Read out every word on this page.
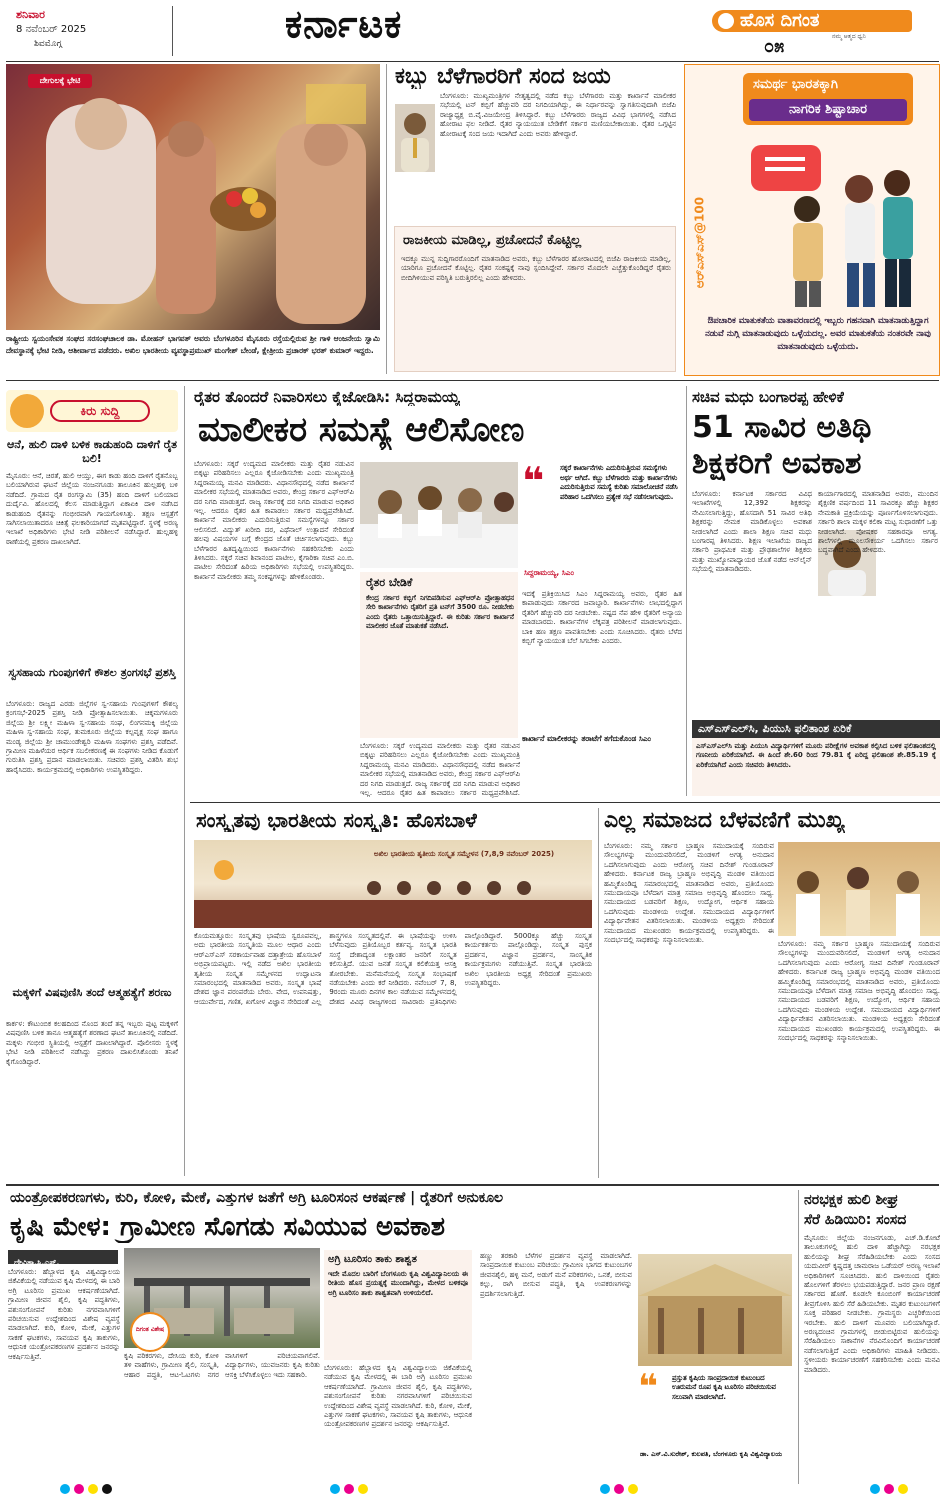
ಶನಿವಾರ
8 ನವೆಂಬರ್ 2025
ಶಿವಮೊಗ್ಗ	ಕರ್ನಾಟಕ	ಹೊಸ ದಿಗಂತ
ನಮ್ಮ ಆತ್ಮದ ಧ್ವನಿ
೦೫
ದೇಗುಲಕ್ಕೆ ಭೇಟಿ
ರಾಷ್ಟ್ರೀಯ ಸ್ವಯಂಸೇವಕ ಸಂಘದ ಸರಸಂಘಚಾಲಕ ಡಾ. ಮೋಹನ್ ಭಾಗವತ್ ಅವರು ಬೆಂಗಳೂರಿನ ಮೈಸೂರು ರಸ್ತೆಯಲ್ಲಿರುವ ಶ್ರೀ ಗಾಳಿ ಆಂಜನೇಯ ಸ್ವಾಮಿ ದೇವಸ್ಥಾನಕ್ಕೆ ಭೇಟಿ ನೀಡಿ, ಆಶೀರ್ವಾದ ಪಡೆದರು. ಅಖಿಲ ಭಾರತೀಯ ವ್ಯವಸ್ಥಾಪ್ರಮುಖ್ ಮಂಗೇಶ್ ಬೇಂಡೆ, ಕ್ಷೇತ್ರೀಯ ಪ್ರಚಾರಕ್ ಭರತ್ ಕುಮಾರ್ ಇದ್ದರು.
ಕಬ್ಬು ಬೆಳೆಗಾರರಿಗೆ ಸಂದ ಜಯ
ಬೆಂಗಳೂರು: ಮುಖ್ಯಮಂತ್ರಿಗಳ ನೇತೃತ್ವದಲ್ಲಿ ನಡೆದ ಕಬ್ಬು ಬೆಳೆಗಾರರು ಮತ್ತು ಕಾರ್ಖಾನೆ ಮಾಲೀಕರ ಸಭೆಯಲ್ಲಿ ಟನ್‌ ಕಬ್ಬಿಗೆ ಹೆಚ್ಚುವರಿ ದರ ನಿಗದಿಯಾಗಿದ್ದು, ಈ ನಿರ್ಧಾರವನ್ನು ಸ್ವಾಗತಿಸುವುದಾಗಿ ಬಿಜೆಪಿ ರಾಜ್ಯಾಧ್ಯಕ್ಷ ಬಿ.ವೈ.ವಿಜಯೇಂದ್ರ ತಿಳಿಸಿದ್ದಾರೆ. ಕಬ್ಬು ಬೆಳೆಗಾರರು ರಾಜ್ಯದ ವಿವಿಧ ಭಾಗಗಳಲ್ಲಿ ನಡೆಸಿದ ಹೋರಾಟ ಫಲ ನೀಡಿದೆ. ರೈತರ ನ್ಯಾಯಯುತ ಬೇಡಿಕೆಗೆ ಸರ್ಕಾರ ಮಣಿಯಬೇಕಾಯಿತು. ರೈತರ ಒಗ್ಗಟ್ಟಿನ ಹೋರಾಟಕ್ಕೆ ಸಂದ ಜಯ ಇದಾಗಿದೆ ಎಂದು ಅವರು ಹೇಳಿದ್ದಾರೆ.
ರಾಜಕೀಯ ಮಾಡಿಲ್ಲ, ಪ್ರಚೋದನೆ ಕೊಟ್ಟಿಲ್ಲ
ಇದಕ್ಕೂ ಮುನ್ನ ಸುದ್ದಿಗಾರರೊಂದಿಗೆ ಮಾತನಾಡಿದ ಅವರು, ಕಬ್ಬು ಬೆಳೆಗಾರರ ಹೋರಾಟದಲ್ಲಿ ಬಿಜೆಪಿ ರಾಜಕೀಯ ಮಾಡಿಲ್ಲ, ಯಾರಿಗೂ ಪ್ರಚೋದನೆ ಕೊಟ್ಟಿಲ್ಲ. ರೈತರ ಸಂಕಷ್ಟಕ್ಕೆ ನಾವು ಸ್ಪಂದಿಸಿದ್ದೇವೆ. ಸರ್ಕಾರ ಮೊದಲೇ ಎಚ್ಚೆತ್ತುಕೊಂಡಿದ್ದರೆ ರೈತರು ಬೀದಿಗಿಳಿಯುವ ಪರಿಸ್ಥಿತಿ ಬರುತ್ತಿರಲಿಲ್ಲ ಎಂದು ಹೇಳಿದರು.
ಸಮರ್ಥ ಭಾರತಕ್ಕಾಗಿ
ನಾಗರಿಕ ಶಿಷ್ಟಾಚಾರ
ಆರ್‌ಎಸ್‌ಎಸ್@100
ಔಪಚಾರಿಕ ಮಾತುಕತೆಯ ವಾತಾವರಣದಲ್ಲಿ ಇಬ್ಬರು ಗಹನವಾಗಿ ಮಾತನಾಡುತ್ತಿದ್ದಾಗ ನಡುವೆ ನುಗ್ಗಿ ಮಾತನಾಡುವುದು ಒಳ್ಳೆಯದಲ್ಲ. ಅವರ ಮಾತುಕತೆಯ ನಂತರವೇ ನಾವು ಮಾತನಾಡುವುದು ಒಳ್ಳೆಯದು.
ಕಿರು ಸುದ್ದಿ
ಆನೆ, ಹುಲಿ ದಾಳಿ ಬಳಿಕ ಕಾಡುಹಂದಿ ದಾಳಿಗೆ ರೈತ ಬಲಿ!
ಮೈಸೂರು: ಆನೆ, ಚಿರತೆ, ಹುಲಿ ಆಯ್ತು, ಈಗ ಕಾಡು ಹಂದಿ ದಾಳಿಗೆ ರೈತನೊಬ್ಬ ಬಲಿಯಾಗಿರುವ ಘಟನೆ ಜಿಲ್ಲೆಯ ನಂಜನಗೂಡು ತಾಲೂಕಿನ ಹುಲ್ಲಹಳ್ಳಿ ಬಳಿ ನಡೆದಿದೆ. ಗ್ರಾಮದ ರೈತ ರಂಗಸ್ವಾಮಿ (35) ಹಂದಿ ದಾಳಿಗೆ ಬಲಿಯಾದ ದುರ್ದೈವಿ. ಹೊಲದಲ್ಲಿ ಕೆಲಸ ಮಾಡುತ್ತಿದ್ದಾಗ ಏಕಾಏಕಿ ದಾಳಿ ನಡೆಸಿದ ಕಾಡುಹಂದಿ ರೈತನನ್ನು ಗಂಭೀರವಾಗಿ ಗಾಯಗೊಳಿಸಿತ್ತು. ತಕ್ಷಣ ಆಸ್ಪತ್ರೆಗೆ ಸಾಗಿಸಲಾಯಿತಾದರೂ ಚಿಕಿತ್ಸೆ ಫಲಕಾರಿಯಾಗದೆ ಮೃತಪಟ್ಟಿದ್ದಾರೆ. ಸ್ಥಳಕ್ಕೆ ಅರಣ್ಯ ಇಲಾಖೆ ಅಧಿಕಾರಿಗಳು ಭೇಟಿ ನೀಡಿ ಪರಿಶೀಲನೆ ನಡೆಸಿದ್ದಾರೆ. ಹುಲ್ಲಹಳ್ಳಿ ಠಾಣೆಯಲ್ಲಿ ಪ್ರಕರಣ ದಾಖಲಾಗಿದೆ.
ಸ್ವಸಹಾಯ ಗುಂಪುಗಳಿಗೆ ಕೌಶಲ ತ್ರಂಗಸಭೆ ಪ್ರಶಸ್ತಿ
ಬೆಂಗಳೂರು: ರಾಜ್ಯದ ಎರಡು ಜಿಲ್ಲೆಗಳ ಸ್ವ-ಸಹಾಯ ಗುಂಪುಗಳಿಗೆ ಕೌಶಲ್ಯ ಕ್ರಂಗಸಭೆ-2025 ಪ್ರಶಸ್ತಿ ನೀಡಿ ಪ್ರೋತ್ಸಾಹಿಸಲಾಯಿತು. ಚಿಕ್ಕಮಗಳೂರು ಜಿಲ್ಲೆಯ ಶ್ರೀ ಲಕ್ಷ್ಮೀ ಮಹಿಳಾ ಸ್ವ-ಸಹಾಯ ಸಂಘ, ಲಿಂಗನಮಕ್ಕಿ ಜಿಲ್ಲೆಯ ಮಹಿಳಾ ಸ್ವ-ಸಹಾಯ ಸಂಘ, ತುಮಕೂರು ಜಿಲ್ಲೆಯ ಕಲ್ಪವೃಕ್ಷ ಸಂಘ ಹಾಗೂ ಮಂಡ್ಯ ಜಿಲ್ಲೆಯ ಶ್ರೀ ಚಾಮುಂಡೇಶ್ವರಿ ಮಹಿಳಾ ಸಂಘಗಳು ಪ್ರಶಸ್ತಿ ಪಡೆದಿವೆ. ಗ್ರಾಮೀಣ ಮಹಿಳೆಯರ ಆರ್ಥಿಕ ಸಬಲೀಕರಣಕ್ಕೆ ಈ ಸಂಘಗಳು ನೀಡಿದ ಕೊಡುಗೆ ಗುರುತಿಸಿ ಪ್ರಶಸ್ತಿ ಪ್ರದಾನ ಮಾಡಲಾಯಿತು. ಸಚಿವರು ಪ್ರಶಸ್ತಿ ವಿತರಿಸಿ ಶುಭ ಹಾರೈಸಿದರು. ಕಾರ್ಯಕ್ರಮದಲ್ಲಿ ಅಧಿಕಾರಿಗಳು ಉಪಸ್ಥಿತರಿದ್ದರು.
ಮಕ್ಕಳಿಗೆ ವಿಷವುಣಿಸಿ ತಂದೆ ಆತ್ಮಹತ್ಯೆಗೆ ಶರಣು
ಕಾರ್ಕಳ: ಕೌಟುಂಬಿಕ ಕಲಹದಿಂದ ನೊಂದ ತಂದೆ ತನ್ನ ಇಬ್ಬರು ಪುಟ್ಟ ಮಕ್ಕಳಿಗೆ ವಿಷವುಣಿಸಿ ಬಳಿಕ ತಾನೂ ಆತ್ಮಹತ್ಯೆಗೆ ಶರಣಾದ ಘಟನೆ ತಾಲೂಕಿನಲ್ಲಿ ನಡೆದಿದೆ. ಮಕ್ಕಳು ಗಂಭೀರ ಸ್ಥಿತಿಯಲ್ಲಿ ಆಸ್ಪತ್ರೆಗೆ ದಾಖಲಾಗಿದ್ದಾರೆ. ಪೊಲೀಸರು ಸ್ಥಳಕ್ಕೆ ಭೇಟಿ ನೀಡಿ ಪರಿಶೀಲನೆ ನಡೆಸಿದ್ದು ಪ್ರಕರಣ ದಾಖಲಿಸಿಕೊಂಡು ತನಿಖೆ ಕೈಗೊಂಡಿದ್ದಾರೆ.
ರೈತರ ತೊಂದರೆ ನಿವಾರಿಸಲು ಕೈಜೋಡಿಸಿ: ಸಿದ್ದರಾಮಯ್ಯ
ಮಾಲೀಕರ ಸಮಸ್ಯೆ ಆಲಿಸೋಣ
ಬೆಂಗಳೂರು: ಸಕ್ಕರೆ ಉದ್ಯಮದ ಮಾಲೀಕರು ಮತ್ತು ರೈತರ ನಡುವಿನ ಬಿಕ್ಕಟ್ಟು ಪರಿಹರಿಸಲು ಎಲ್ಲರೂ ಕೈಜೋಡಿಸಬೇಕು ಎಂದು ಮುಖ್ಯಮಂತ್ರಿ ಸಿದ್ದರಾಮಯ್ಯ ಮನವಿ ಮಾಡಿದರು. ವಿಧಾನಸೌಧದಲ್ಲಿ ನಡೆದ ಕಾರ್ಖಾನೆ ಮಾಲೀಕರ ಸಭೆಯಲ್ಲಿ ಮಾತನಾಡಿದ ಅವರು, ಕೇಂದ್ರ ಸರ್ಕಾರ ಎಫ್‌ಆರ್‌ಪಿ ದರ ನಿಗದಿ ಮಾಡುತ್ತದೆ. ರಾಜ್ಯ ಸರ್ಕಾರಕ್ಕೆ ದರ ನಿಗದಿ ಮಾಡುವ ಅಧಿಕಾರ ಇಲ್ಲ. ಆದರೂ ರೈತರ ಹಿತ ಕಾಪಾಡಲು ಸರ್ಕಾರ ಮಧ್ಯಪ್ರವೇಶಿಸಿದೆ. ಕಾರ್ಖಾನೆ ಮಾಲೀಕರು ಎದುರಿಸುತ್ತಿರುವ ಸಮಸ್ಯೆಗಳನ್ನೂ ಸರ್ಕಾರ ಆಲಿಸಲಿದೆ. ವಿದ್ಯುತ್ ಖರೀದಿ ದರ, ಎಥೆನಾಲ್ ಉತ್ಪಾದನೆ ಸೇರಿದಂತೆ ಹಲವು ವಿಷಯಗಳ ಬಗ್ಗೆ ಕೇಂದ್ರದ ಜೊತೆ ಚರ್ಚಿಸಲಾಗುವುದು. ಕಬ್ಬು ಬೆಳೆಗಾರರ ಹಿತದೃಷ್ಟಿಯಿಂದ ಕಾರ್ಖಾನೆಗಳು ಸಹಕರಿಸಬೇಕು ಎಂದು ತಿಳಿಸಿದರು. ಸಕ್ಕರೆ ಸಚಿವ ಶಿವಾನಂದ ಪಾಟೀಲ, ಕೈಗಾರಿಕಾ ಸಚಿವ ಎಂ.ಬಿ. ಪಾಟೀಲ ಸೇರಿದಂತೆ ಹಿರಿಯ ಅಧಿಕಾರಿಗಳು ಸಭೆಯಲ್ಲಿ ಉಪಸ್ಥಿತರಿದ್ದರು. ಕಾರ್ಖಾನೆ ಮಾಲೀಕರು ತಮ್ಮ ಸಂಕಷ್ಟಗಳನ್ನು ಹೇಳಿಕೊಂಡರು.	ರೈತರ ಬೇಡಿಕೆ
ಕೇಂದ್ರ ಸರ್ಕಾರ ಕಬ್ಬಿಗೆ ನಿಗದಿಪಡಿಸುವ ಎಫ್‌ಆರ್‌ಪಿ ಪ್ರೋತ್ಸಾಹಧನ ಸೇರಿ ಕಾರ್ಖಾನೆಗಳು ರೈತರಿಗೆ ಪ್ರತಿ ಟನ್‌ಗೆ 3500 ರೂ. ನೀಡಬೇಕು ಎಂದು ರೈತರು ಒತ್ತಾಯಿಸುತ್ತಿದ್ದಾರೆ. ಈ ಕುರಿತು ಸರ್ಕಾರ ಕಾರ್ಖಾನೆ ಮಾಲೀಕರ ಜೊತೆ ಮಾತುಕತೆ ನಡೆಸಿದೆ.
❝ ಸಕ್ಕರೆ ಕಾರ್ಖಾನೆಗಳು ಎದುರಿಸುತ್ತಿರುವ ಸಮಸ್ಯೆಗಳು ಅರ್ಥ ಆಗಿದೆ. ಕಬ್ಬು ಬೆಳೆಗಾರರು ಮತ್ತು ಕಾರ್ಖಾನೆಗಳು ಎದುರಿಸುತ್ತಿರುವ ಸಮಸ್ಯೆ ಕುರಿತು ಸಮಾಲೋಚನೆ ನಡೆಸಿ ಪರಿಹಾರ ಒದಗಿಸಲು ಪ್ರತ್ಯೇಕ ಸಭೆ ನಡೆಸಲಾಗುವುದು.
ಸಿದ್ದರಾಮಯ್ಯ, ಸಿಎಂ
ಇದಕ್ಕೆ ಪ್ರತಿಕ್ರಿಯಿಸಿದ ಸಿಎಂ ಸಿದ್ದರಾಮಯ್ಯ ಅವರು, ರೈತರ ಹಿತ ಕಾಪಾಡುವುದು ಸರ್ಕಾರದ ಜವಾಬ್ದಾರಿ. ಕಾರ್ಖಾನೆಗಳು ಲಾಭದಲ್ಲಿದ್ದಾಗ ರೈತರಿಗೆ ಹೆಚ್ಚುವರಿ ದರ ನೀಡಬೇಕು. ನಷ್ಟದ ನೆಪ ಹೇಳಿ ರೈತರಿಗೆ ಅನ್ಯಾಯ ಮಾಡಬಾರದು. ಕಾರ್ಖಾನೆಗಳ ಲೆಕ್ಕಪತ್ರ ಪರಿಶೀಲನೆ ಮಾಡಲಾಗುವುದು. ಬಾಕಿ ಹಣ ತಕ್ಷಣ ಪಾವತಿಸಬೇಕು ಎಂದು ಸೂಚಿಸಿದರು. ರೈತರು ಬೆಳೆದ ಕಬ್ಬಿಗೆ ನ್ಯಾಯಯುತ ಬೆಲೆ ಸಿಗಬೇಕು ಎಂದರು.
ಕಾರ್ಖಾನೆ ಮಾಲೀಕರನ್ನು ತರಾಟೆಗೆ ತಗೆದುಕೊಂಡ ಸಿಎಂ
ಬೆಂಗಳೂರು: ಸಕ್ಕರೆ ಉದ್ಯಮದ ಮಾಲೀಕರು ಮತ್ತು ರೈತರ ನಡುವಿನ ಬಿಕ್ಕಟ್ಟು ಪರಿಹರಿಸಲು ಎಲ್ಲರೂ ಕೈಜೋಡಿಸಬೇಕು ಎಂದು ಮುಖ್ಯಮಂತ್ರಿ ಸಿದ್ದರಾಮಯ್ಯ ಮನವಿ ಮಾಡಿದರು. ವಿಧಾನಸೌಧದಲ್ಲಿ ನಡೆದ ಕಾರ್ಖಾನೆ ಮಾಲೀಕರ ಸಭೆಯಲ್ಲಿ ಮಾತನಾಡಿದ ಅವರು, ಕೇಂದ್ರ ಸರ್ಕಾರ ಎಫ್‌ಆರ್‌ಪಿ ದರ ನಿಗದಿ ಮಾಡುತ್ತದೆ. ರಾಜ್ಯ ಸರ್ಕಾರಕ್ಕೆ ದರ ನಿಗದಿ ಮಾಡುವ ಅಧಿಕಾರ ಇಲ್ಲ. ಆದರೂ ರೈತರ ಹಿತ ಕಾಪಾಡಲು ಸರ್ಕಾರ ಮಧ್ಯಪ್ರವೇಶಿಸಿದೆ.
ಸಚಿವ ಮಧು ಬಂಗಾರಪ್ಪ ಹೇಳಿಕೆ
51 ಸಾವಿರ ಅತಿಥಿ
ಶಿಕ್ಷಕರಿಗೆ ಅವಕಾಶ
ಬೆಂಗಳೂರು: ಕರ್ನಾಟಕ ಸರ್ಕಾರದ ವಿವಿಧ ಇಲಾಖೆಗಳಲ್ಲಿ 12,392 ಶಿಕ್ಷಕರನ್ನು ನೇಮಿಸಲಾಗುತ್ತಿದ್ದು, ಹೊಸದಾಗಿ 51 ಸಾವಿರ ಅತಿಥಿ ಶಿಕ್ಷಕರನ್ನು ನೇಮಕ ಮಾಡಿಕೊಳ್ಳಲು ಅವಕಾಶ ನೀಡಲಾಗಿದೆ ಎಂದು ಶಾಲಾ ಶಿಕ್ಷಣ ಸಚಿವ ಮಧು ಬಂಗಾರಪ್ಪ ತಿಳಿಸಿದರು. ಶಿಕ್ಷಣ ಇಲಾಖೆಯ ರಾಜ್ಯದ ಸರ್ಕಾರಿ ಪ್ರಾಥಮಿಕ ಮತ್ತು ಪ್ರೌಢಶಾಲೆಗಳ ಶಿಕ್ಷಕರು ಮತ್ತು ಮುಖ್ಯೋಪಾಧ್ಯಾಯರ ಜೊತೆ ನಡೆದ ಆನ್‌ಲೈನ್ ಸಭೆಯಲ್ಲಿ ಮಾತನಾಡಿದರು.
ಕಾರ್ಯಾಗಾರದಲ್ಲಿ ಮಾತನಾಡಿದ ಅವರು, ಮುಂದಿನ ಶೈಕ್ಷಣಿಕ ವರ್ಷದಿಂದ 11 ಸಾವಿರಕ್ಕೂ ಹೆಚ್ಚು ಶಿಕ್ಷಕರ ನೇಮಕಾತಿ ಪ್ರಕ್ರಿಯೆಯನ್ನು ಪೂರ್ಣಗೊಳಿಸಲಾಗುವುದು. ಸರ್ಕಾರಿ ಶಾಲಾ ಮಕ್ಕಳ ಕಲಿಕಾ ಮಟ್ಟ ಸುಧಾರಣೆಗೆ ಒತ್ತು ನೀಡಲಾಗಿದೆ. ಪೋಷಕರ ಸಹಕಾರವೂ ಅಗತ್ಯ. ಶಾಲೆಗಳಲ್ಲಿ ಮೂಲಸೌಕರ್ಯ ಒದಗಿಸಲು ಸರ್ಕಾರ ಬದ್ಧವಾಗಿದೆ ಎಂದು ಹೇಳಿದರು.
ಎಸ್‌ಎಸ್‌ಎಲ್‌ಸಿ, ಪಿಯುಸಿ ಫಲಿತಾಂಶ ಏರಿಕೆ
ಎಸ್‌ಎಸ್‌ಎಲ್‌ಸಿ ಮತ್ತು ಪಿಯುಸಿ ವಿದ್ಯಾರ್ಥಿಗಳಿಗೆ ಮೂರು ಪರೀಕ್ಷೆಗಳ ಅವಕಾಶ ಕಲ್ಪಿಸಿದ ಬಳಿಕ ಫಲಿತಾಂಶದಲ್ಲಿ ಗಣನೀಯ ಏರಿಕೆಯಾಗಿದೆ. ಈ ಹಿಂದೆ ಶೇ.60 ರಿಂದ 79.81 ಕ್ಕೆ ಏರಿದ್ದ ಫಲಿತಾಂಶ ಶೇ.85.19 ಕ್ಕೆ ಏರಿಕೆಯಾಗಿದೆ ಎಂದು ಸಚಿವರು ತಿಳಿಸಿದರು.
ಸಂಸ್ಕೃತವು ಭಾರತೀಯ ಸಂಸ್ಕೃತಿ: ಹೊಸಬಾಳೆ
ಅಖಿಲ ಭಾರತೀಯ ತೃತೀಯ ಸಂಸ್ಕೃತ ಸಮ್ಮೇಳನ (7,8,9 ನವೆಂಬರ್ 2025)
ಕೊಯಮತ್ತೂರು: ಸಂಸ್ಕೃತವು ಭಾಷೆಯ ಸ್ವರೂಪವಲ್ಲ, ಅದು ಭಾರತೀಯ ಸಂಸ್ಕೃತಿಯ ಮೂಲ ಆಧಾರ ಎಂದು ಆರ್‌ಎಸ್‌ಎಸ್ ಸರಕಾರ್ಯವಾಹ ದತ್ತಾತ್ರೇಯ ಹೊಸಬಾಳೆ ಅಭಿಪ್ರಾಯಪಟ್ಟರು. ಇಲ್ಲಿ ನಡೆದ ಅಖಿಲ ಭಾರತೀಯ ತೃತೀಯ ಸಂಸ್ಕೃತ ಸಮ್ಮೇಳನದ ಉದ್ಘಾಟನಾ ಸಮಾರಂಭದಲ್ಲಿ ಮಾತನಾಡಿದ ಅವರು, ಸಂಸ್ಕೃತ ಭಾಷೆ ದೇಶದ ಜ್ಞಾನ ಪರಂಪರೆಯ ಬೇರು. ವೇದ, ಉಪನಿಷತ್ತು, ಆಯುರ್ವೇದ, ಗಣಿತ, ಖಗೋಳ ವಿಜ್ಞಾನ ಸೇರಿದಂತೆ ಎಲ್ಲ ಶಾಸ್ತ್ರಗಳೂ ಸಂಸ್ಕೃತದಲ್ಲಿವೆ. ಈ ಭಾಷೆಯನ್ನು ಉಳಿಸಿ ಬೆಳೆಸುವುದು ಪ್ರತಿಯೊಬ್ಬರ ಕರ್ತವ್ಯ. ಸಂಸ್ಕೃತ ಭಾರತಿ ಸಂಸ್ಥೆ ದೇಶಾದ್ಯಂತ ಲಕ್ಷಾಂತರ ಜನರಿಗೆ ಸಂಸ್ಕೃತ ಕಲಿಸುತ್ತಿದೆ. ಯುವ ಜನತೆ ಸಂಸ್ಕೃತ ಕಲಿಕೆಯತ್ತ ಆಸಕ್ತಿ ತೋರಬೇಕು. ಮನೆಮನೆಯಲ್ಲಿ ಸಂಸ್ಕೃತ ಸಂಭಾಷಣೆ ನಡೆಯಬೇಕು ಎಂದು ಕರೆ ನೀಡಿದರು. ನವೆಂಬರ್ 7, 8, 9ರಂದು ಮೂರು ದಿನಗಳ ಕಾಲ ನಡೆಯುವ ಸಮ್ಮೇಳನದಲ್ಲಿ ದೇಶದ ವಿವಿಧ ರಾಜ್ಯಗಳಿಂದ ಸಾವಿರಾರು ಪ್ರತಿನಿಧಿಗಳು ಪಾಲ್ಗೊಂಡಿದ್ದಾರೆ. 5000ಕ್ಕೂ ಹೆಚ್ಚು ಸಂಸ್ಕೃತ ಕಾರ್ಯಕರ್ತರು ಪಾಲ್ಗೊಂಡಿದ್ದು, ಸಂಸ್ಕೃತ ಪುಸ್ತಕ ಪ್ರದರ್ಶನ, ವಿಜ್ಞಾನ ಪ್ರದರ್ಶನ, ಸಾಂಸ್ಕೃತಿಕ ಕಾರ್ಯಕ್ರಮಗಳು ನಡೆಯುತ್ತಿವೆ. ಸಂಸ್ಕೃತ ಭಾರತಿಯ ಅಖಿಲ ಭಾರತೀಯ ಅಧ್ಯಕ್ಷ ಸೇರಿದಂತೆ ಪ್ರಮುಖರು ಉಪಸ್ಥಿತರಿದ್ದರು.
ಎಲ್ಲ ಸಮಾಜದ ಬೆಳವಣಿಗೆ ಮುಖ್ಯ
ಬೆಂಗಳೂರು: ನಮ್ಮ ಸರ್ಕಾರ ಬ್ರಾಹ್ಮಣ ಸಮುದಾಯಕ್ಕೆ ಸಂದಿರುವ ಸೌಲಭ್ಯಗಳನ್ನು ಮುಂದುವರಿಸಲಿದೆ, ಮಂಡಳಿಗೆ ಅಗತ್ಯ ಅನುದಾನ ಒದಗಿಸಲಾಗುವುದು ಎಂದು ಆರೋಗ್ಯ ಸಚಿವ ದಿನೇಶ್ ಗುಂಡೂರಾವ್ ಹೇಳಿದರು. ಕರ್ನಾಟಕ ರಾಜ್ಯ ಬ್ರಾಹ್ಮಣ ಅಭಿವೃದ್ಧಿ ಮಂಡಳಿ ವತಿಯಿಂದ ಹಮ್ಮಿಕೊಂಡಿದ್ದ ಸಮಾರಂಭದಲ್ಲಿ ಮಾತನಾಡಿದ ಅವರು, ಪ್ರತಿಯೊಂದು ಸಮುದಾಯವೂ ಬೆಳೆದಾಗ ಮಾತ್ರ ಸಮಾಜ ಅಭಿವೃದ್ಧಿ ಹೊಂದಲು ಸಾಧ್ಯ. ಸಮುದಾಯದ ಬಡವರಿಗೆ ಶಿಕ್ಷಣ, ಉದ್ಯೋಗ, ಆರ್ಥಿಕ ಸಹಾಯ ಒದಗಿಸುವುದು ಮಂಡಳಿಯ ಉದ್ದೇಶ. ಸಮುದಾಯದ ವಿದ್ಯಾರ್ಥಿಗಳಿಗೆ ವಿದ್ಯಾರ್ಥಿವೇತನ ವಿತರಿಸಲಾಯಿತು. ಮಂಡಳಿಯ ಅಧ್ಯಕ್ಷರು ಸೇರಿದಂತೆ ಸಮುದಾಯದ ಮುಖಂಡರು ಕಾರ್ಯಕ್ರಮದಲ್ಲಿ ಉಪಸ್ಥಿತರಿದ್ದರು. ಈ ಸಂದರ್ಭದಲ್ಲಿ ಸಾಧಕರನ್ನು ಸನ್ಮಾನಿಸಲಾಯಿತು.	ಬೆಂಗಳೂರು: ನಮ್ಮ ಸರ್ಕಾರ ಬ್ರಾಹ್ಮಣ ಸಮುದಾಯಕ್ಕೆ ಸಂದಿರುವ ಸೌಲಭ್ಯಗಳನ್ನು ಮುಂದುವರಿಸಲಿದೆ, ಮಂಡಳಿಗೆ ಅಗತ್ಯ ಅನುದಾನ ಒದಗಿಸಲಾಗುವುದು ಎಂದು ಆರೋಗ್ಯ ಸಚಿವ ದಿನೇಶ್ ಗುಂಡೂರಾವ್ ಹೇಳಿದರು. ಕರ್ನಾಟಕ ರಾಜ್ಯ ಬ್ರಾಹ್ಮಣ ಅಭಿವೃದ್ಧಿ ಮಂಡಳಿ ವತಿಯಿಂದ ಹಮ್ಮಿಕೊಂಡಿದ್ದ ಸಮಾರಂಭದಲ್ಲಿ ಮಾತನಾಡಿದ ಅವರು, ಪ್ರತಿಯೊಂದು ಸಮುದಾಯವೂ ಬೆಳೆದಾಗ ಮಾತ್ರ ಸಮಾಜ ಅಭಿವೃದ್ಧಿ ಹೊಂದಲು ಸಾಧ್ಯ. ಸಮುದಾಯದ ಬಡವರಿಗೆ ಶಿಕ್ಷಣ, ಉದ್ಯೋಗ, ಆರ್ಥಿಕ ಸಹಾಯ ಒದಗಿಸುವುದು ಮಂಡಳಿಯ ಉದ್ದೇಶ. ಸಮುದಾಯದ ವಿದ್ಯಾರ್ಥಿಗಳಿಗೆ ವಿದ್ಯಾರ್ಥಿವೇತನ ವಿತರಿಸಲಾಯಿತು. ಮಂಡಳಿಯ ಅಧ್ಯಕ್ಷರು ಸೇರಿದಂತೆ ಸಮುದಾಯದ ಮುಖಂಡರು ಕಾರ್ಯಕ್ರಮದಲ್ಲಿ ಉಪಸ್ಥಿತರಿದ್ದರು. ಈ ಸಂದರ್ಭದಲ್ಲಿ ಸಾಧಕರನ್ನು ಸನ್ಮಾನಿಸಲಾಯಿತು.
ಯಂತ್ರೋಪಕರಣಗಳು, ಕುರಿ, ಕೋಳಿ, ಮೇಕೆ, ಎತ್ತುಗಳ ಜತೆಗೆ ಅಗ್ರಿ ಟೂರಿಸಂನ ಆಕರ್ಷಣೆ | ರೈತರಿಗೆ ಅನುಕೂಲ
ಕೃಷಿ ಮೇಳ: ಗ್ರಾಮೀಣ ಸೊಗಡು ಸವಿಯುವ ಅವಕಾಶ
ದೇವಿತಾ.ಸಿ.ಎಸ್.
ಬೆಂಗಳೂರು: ಹೆಬ್ಬಾಳದ ಕೃಷಿ ವಿಶ್ವವಿದ್ಯಾಲಯ ಜಿಕೆವಿಕೆಯಲ್ಲಿ ನಡೆಯುವ ಕೃಷಿ ಮೇಳದಲ್ಲಿ ಈ ಬಾರಿ ಅಗ್ರಿ ಟೂರಿಸಂ ಪ್ರಮುಖ ಆಕರ್ಷಣೆಯಾಗಿದೆ. ಗ್ರಾಮೀಣ ಜೀವನ ಶೈಲಿ, ಕೃಷಿ ಪದ್ಧತಿಗಳು, ಪಶುಸಂಗೋಪನೆ ಕುರಿತು ನಗರವಾಸಿಗಳಿಗೆ ಪರಿಚಯಿಸುವ ಉದ್ದೇಶದಿಂದ ವಿಶೇಷ ವ್ಯವಸ್ಥೆ ಮಾಡಲಾಗಿದೆ. ಕುರಿ, ಕೋಳಿ, ಮೇಕೆ, ಎತ್ತುಗಳ ಸಾಕಣೆ ಘಟಕಗಳು, ಸಾವಯವ ಕೃಷಿ ತಾಕುಗಳು, ಆಧುನಿಕ ಯಂತ್ರೋಪಕರಣಗಳ ಪ್ರದರ್ಶನ ಜನರನ್ನು ಆಕರ್ಷಿಸುತ್ತಿವೆ.
ದಿಗಂತ ವಿಶೇಷ
ಅಗ್ರಿ ಟೂರಿಸಂ ತಾಕು ಶಾಶ್ವತ
ಇದೇ ಮೊದಲ ಬಾರಿಗೆ ಬೆಂಗಳೂರು ಕೃಷಿ ವಿಶ್ವವಿದ್ಯಾನಿಲಯ ಈ ರೀತಿಯ ಹೊಸ ಪ್ರಯತ್ನಕ್ಕೆ ಮುಂದಾಗಿದ್ದು, ಮೇಳದ ಬಳಿಕವೂ ಅಗ್ರಿ ಟೂರಿಸಂ ತಾಕು ಶಾಶ್ವತವಾಗಿ ಉಳಿಯಲಿದೆ.
ಕೃಷಿ ಪರಿಕರಗಳು, ದೇಸಿಯ ಕುರಿ, ಕೋಳಿ ತಳಿ ವಾಹೆಗಳು, ಗ್ರಾಮೀಣ ಶೈಲಿ, ಸಂಸ್ಕೃತಿ, ಆಹಾರ ಪದ್ಧತಿ, ಆಟ-ಓಟಗಳು ನಗರ ವಾಸಿಗಳಿಗೆ ಪರಿಚಯವಾಗಲಿವೆ. ವಿದ್ಯಾರ್ಥಿಗಳು, ಯುವಜನರು ಕೃಷಿ ಕುರಿತು ಆಸಕ್ತಿ ಬೆಳೆಸಿಕೊಳ್ಳಲು ಇದು ಸಹಕಾರಿ.
ಬೆಂಗಳೂರು: ಹೆಬ್ಬಾಳದ ಕೃಷಿ ವಿಶ್ವವಿದ್ಯಾಲಯ ಜಿಕೆವಿಕೆಯಲ್ಲಿ ನಡೆಯುವ ಕೃಷಿ ಮೇಳದಲ್ಲಿ ಈ ಬಾರಿ ಅಗ್ರಿ ಟೂರಿಸಂ ಪ್ರಮುಖ ಆಕರ್ಷಣೆಯಾಗಿದೆ. ಗ್ರಾಮೀಣ ಜೀವನ ಶೈಲಿ, ಕೃಷಿ ಪದ್ಧತಿಗಳು, ಪಶುಸಂಗೋಪನೆ ಕುರಿತು ನಗರವಾಸಿಗಳಿಗೆ ಪರಿಚಯಿಸುವ ಉದ್ದೇಶದಿಂದ ವಿಶೇಷ ವ್ಯವಸ್ಥೆ ಮಾಡಲಾಗಿದೆ. ಕುರಿ, ಕೋಳಿ, ಮೇಕೆ, ಎತ್ತುಗಳ ಸಾಕಣೆ ಘಟಕಗಳು, ಸಾವಯವ ಕೃಷಿ ತಾಕುಗಳು, ಆಧುನಿಕ ಯಂತ್ರೋಪಕರಣಗಳ ಪ್ರದರ್ಶನ ಜನರನ್ನು ಆಕರ್ಷಿಸುತ್ತಿವೆ.
ಹಣ್ಣು ತರಕಾರಿ ಬೆಳೆಗಳ ಪ್ರದರ್ಶನ ವ್ಯವಸ್ಥೆ ಮಾಡಲಾಗಿದೆ. ಸಾಂಪ್ರದಾಯಿಕ ಕುಟುಂಬ ಪರಿಚಯ: ಗ್ರಾಮೀಣ ಭಾಗದ ಕುಟುಂಬಗಳ ಜೀವನಶೈಲಿ, ಹಳ್ಳಿ ಮನೆ, ಅಡುಗೆ ಮನೆ ಪರಿಕರಗಳು, ಒನಕೆ, ಬೀಸುವ ಕಲ್ಲು, ರಾಗಿ ಬೀಸುವ ಪದ್ಧತಿ, ಕೃಷಿ ಉಪಕರಣಗಳನ್ನು ಪ್ರದರ್ಶಿಸಲಾಗುತ್ತಿದೆ.
❝ ಪ್ರಸ್ತುತ ಕೃಷಿಯ ಸಾಂಪ್ರದಾಯಿಕ ಕುಟುಂಬದ ಊರುಮನೆ ರೂಪ ಕೃಷಿ ಟೂರಿಸಂ ಪರಿಚಯಿಸುವ ಸಲುವಾಗಿ ಮಾಡಲಾಗಿದೆ.
ಡಾ. ಎಸ್.ವಿ.ಸುರೇಶ್, ಕುಲಪತಿ, ಬೆಂಗಳೂರು ಕೃಷಿ ವಿಶ್ವವಿದ್ಯಾಲಯ
ನರಭಕ್ಷಕ ಹುಲಿ ಶೀಘ್ರ
ಸೆರೆ ಹಿಡಿಯಿರಿ: ಸಂಸದ
ಮೈಸೂರು: ಜಿಲ್ಲೆಯ ನಂಜನಗೂಡು, ಎಚ್.ಡಿ.ಕೋಟೆ ತಾಲೂಕುಗಳಲ್ಲಿ ಹುಲಿ ದಾಳಿ ಹೆಚ್ಚಾಗಿದ್ದು ನರಭಕ್ಷಕ ಹುಲಿಯನ್ನು ಶೀಘ್ರ ಸೆರೆಹಿಡಿಯಬೇಕು ಎಂದು ಸಂಸದ ಯದುವೀರ್ ಕೃಷ್ಣದತ್ತ ಚಾಮರಾಜ ಒಡೆಯರ್ ಅರಣ್ಯ ಇಲಾಖೆ ಅಧಿಕಾರಿಗಳಿಗೆ ಸೂಚಿಸಿದರು. ಹುಲಿ ದಾಳಿಯಿಂದ ರೈತರು ಹೊಲಗಳಿಗೆ ತೆರಳಲು ಭಯಪಡುತ್ತಿದ್ದಾರೆ. ಜನರ ಪ್ರಾಣ ರಕ್ಷಣೆ ಸರ್ಕಾರದ ಹೊಣೆ. ಕೂಡಲೇ ಕೂಂಬಿಂಗ್ ಕಾರ್ಯಾಚರಣೆ ತೀವ್ರಗೊಳಿಸಿ ಹುಲಿ ಸೆರೆ ಹಿಡಿಯಬೇಕು. ಮೃತರ ಕುಟುಂಬಗಳಿಗೆ ಸೂಕ್ತ ಪರಿಹಾರ ನೀಡಬೇಕು. ಗ್ರಾಮಸ್ಥರು ಎಚ್ಚರಿಕೆಯಿಂದ ಇರಬೇಕು. ಹುಲಿ ದಾಳಿಗೆ ಮೂವರು ಬಲಿಯಾಗಿದ್ದಾರೆ. ಅರಣ್ಯದಂಚಿನ ಗ್ರಾಮಗಳಲ್ಲಿ ಬೀಡುಬಿಟ್ಟಿರುವ ಹುಲಿಯನ್ನು ಸೆರೆಹಿಡಿಯಲು ಸಾಕಾನೆಗಳ ನೆರವಿನೊಂದಿಗೆ ಕಾರ್ಯಾಚರಣೆ ನಡೆಸಲಾಗುತ್ತಿದೆ ಎಂದು ಅಧಿಕಾರಿಗಳು ಮಾಹಿತಿ ನೀಡಿದರು. ಸ್ಥಳೀಯರು ಕಾರ್ಯಾಚರಣೆಗೆ ಸಹಕರಿಸಬೇಕು ಎಂದು ಮನವಿ ಮಾಡಿದರು.
